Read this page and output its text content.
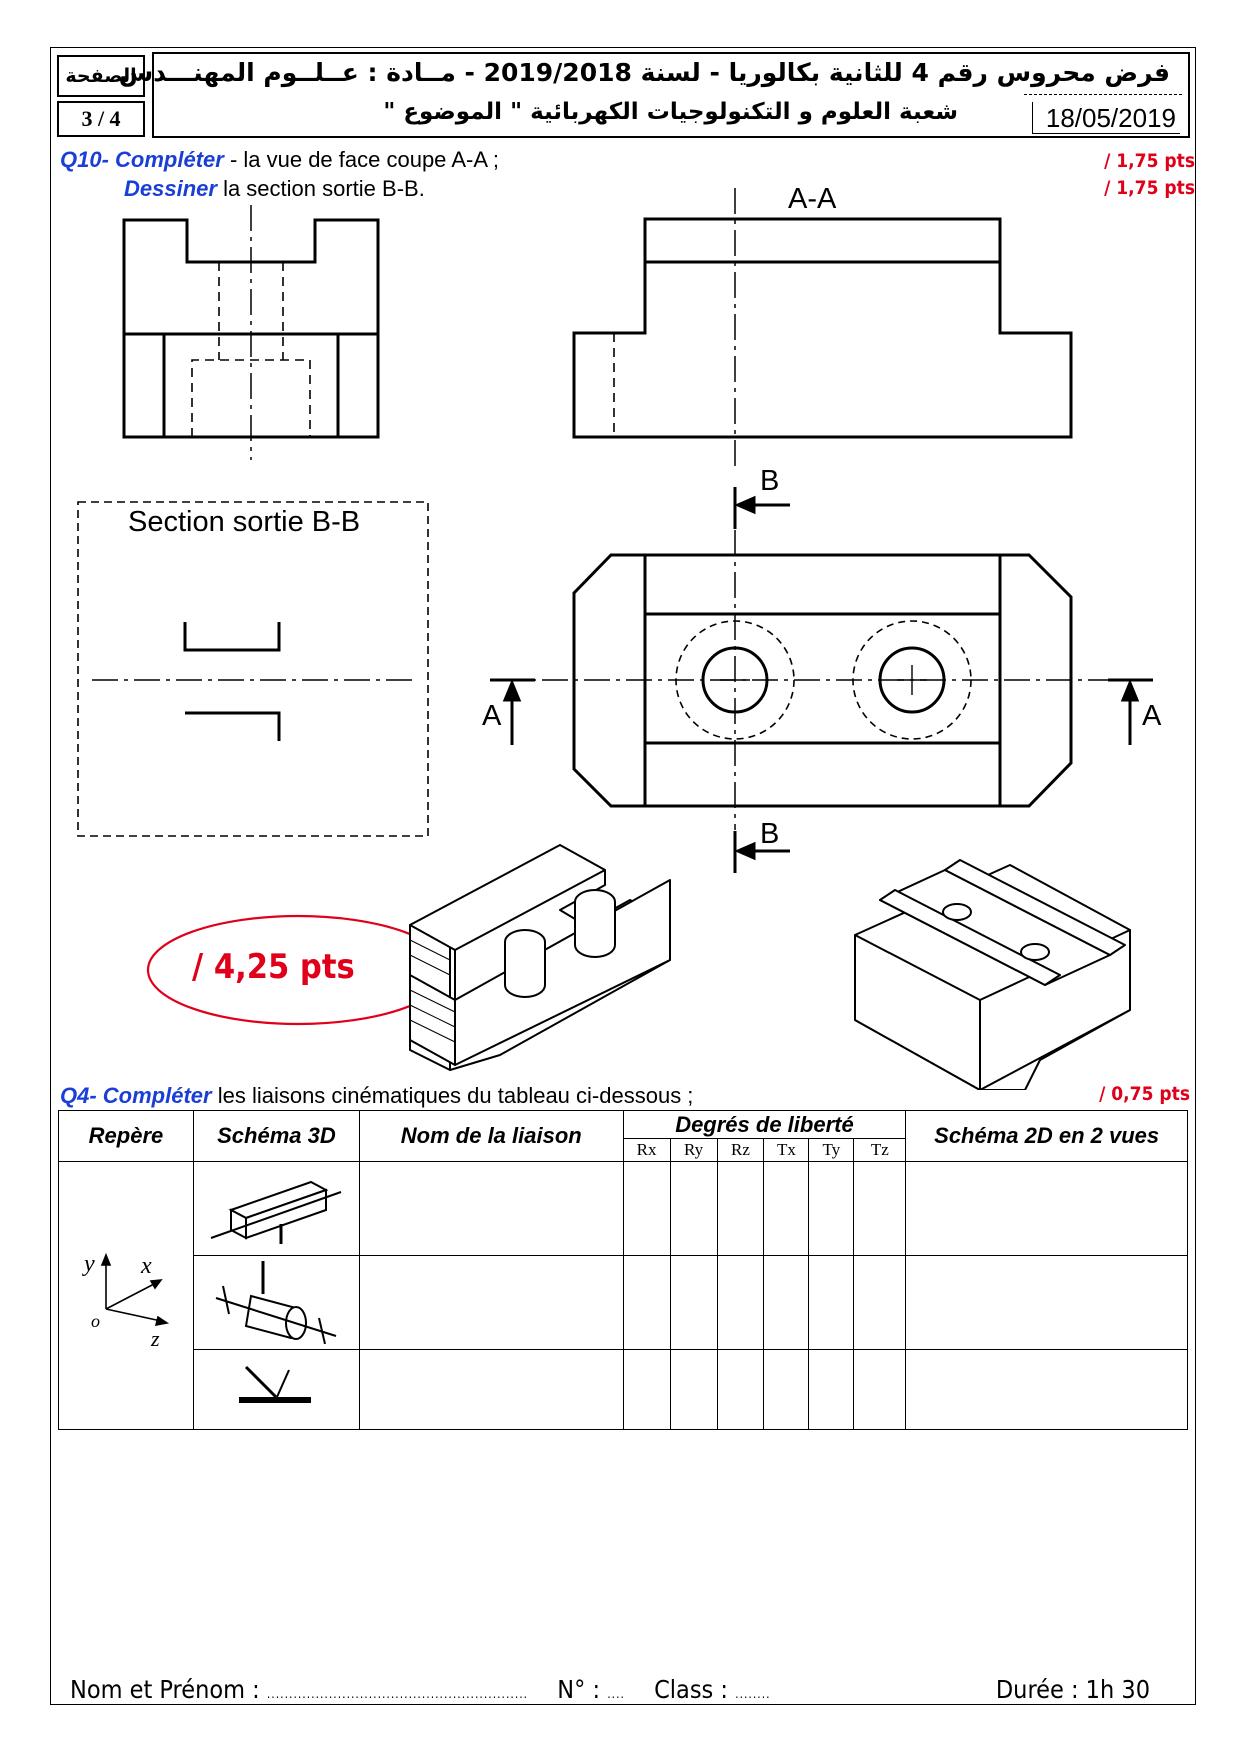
الصفحة
3 / 4
فرض محروس رقم 4 للثانية بكالوريا - لسنة 2019/2018 - مــادة : عــلــوم المهنـــدس
شعبة العلوم و التكنولوجيات الكهربائية " الموضوع "	18/05/2019
Q10- Compléter - la vue de face coupe A-A ;
Dessiner la section sortie B-B.
/ 1,75 pts
/ 1,75 pts
A-A
Section sortie B-B
B
B
A	A
/ 4,25 pts
Q4- Compléter les liaisons cinématiques du tableau ci-dessous ;	/ 0,75 pts
Repère	Schéma 3D	Nom de la liaison	Degrés de liberté						Schéma 2D en 2 vues
			Rx	Ry	Rz	Tx	Ty	Tz	

y x
o
z

Nom et Prénom : ........................................................... N° : .... Class : ........	Durée : 1h 30
